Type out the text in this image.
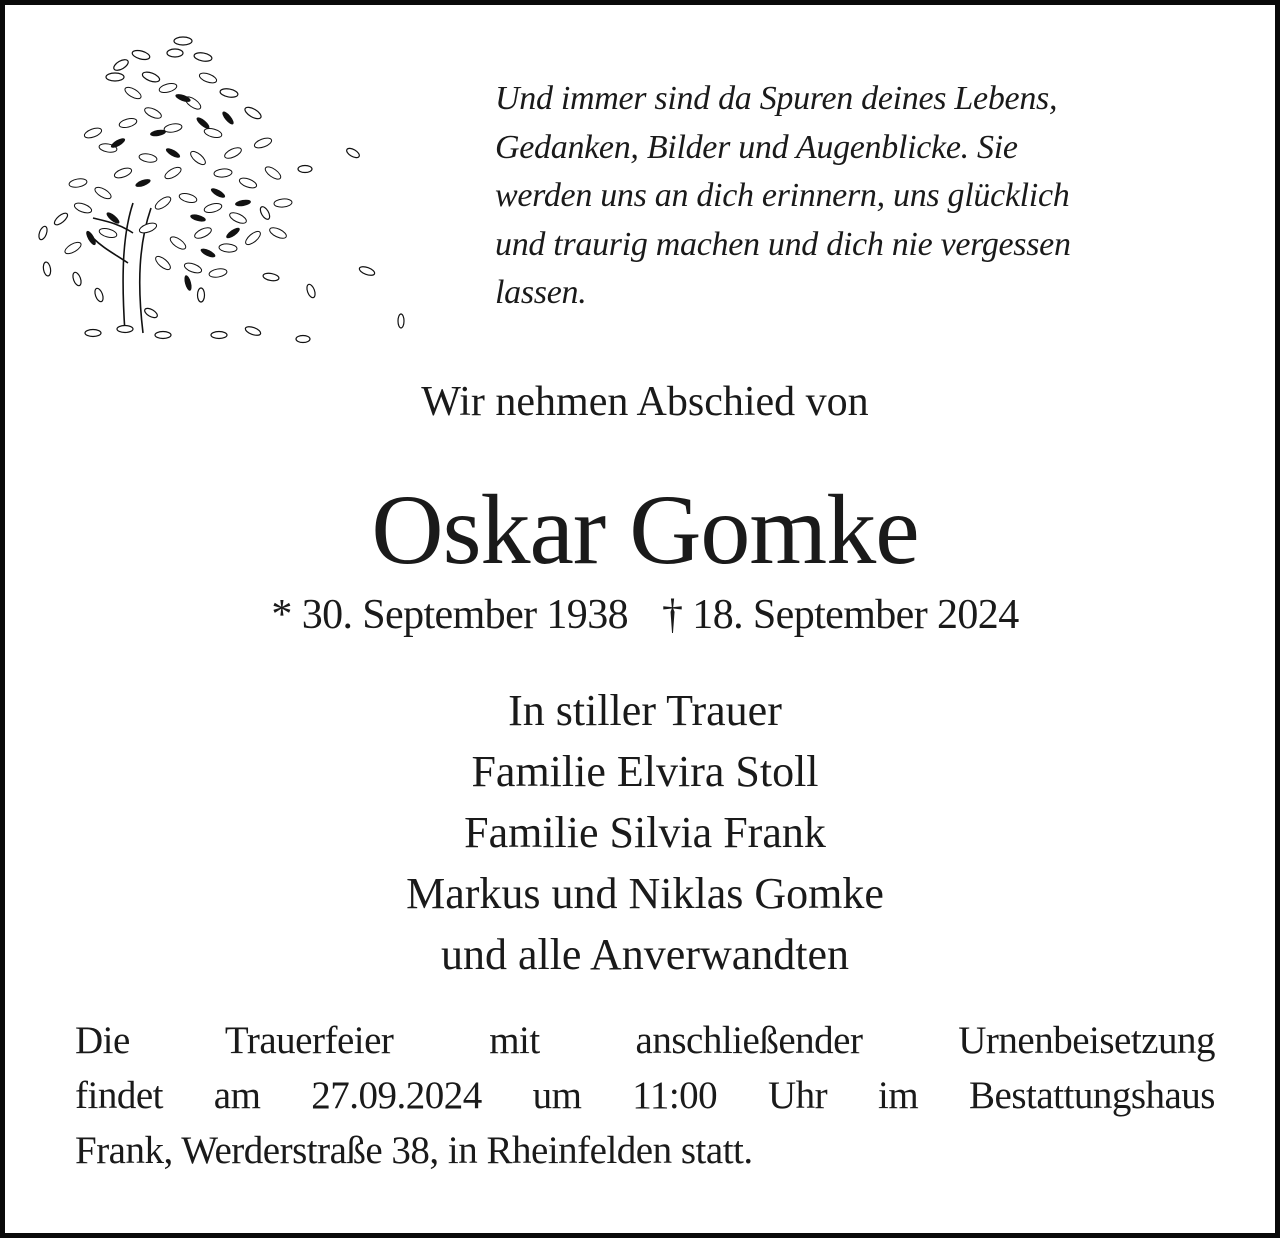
Und immer sind da Spuren deines Lebens,
Gedanken, Bilder und Augenblicke. Sie
werden uns an dich erinnern, uns glücklich
und traurig machen und dich nie vergessen
lassen.
Wir nehmen Abschied von
Oskar Gomke
* 30. September 1938 † 18. September 2024
In stiller Trauer
Familie Elvira Stoll
Familie Silvia Frank
Markus und Niklas Gomke
und alle Anverwandten
Die Trauerfeier mit anschließender Urnenbeisetzung
findet am 27.09.2024 um 11:00 Uhr im Bestattungshaus
Frank, Werderstraße 38, in Rheinfelden statt.
